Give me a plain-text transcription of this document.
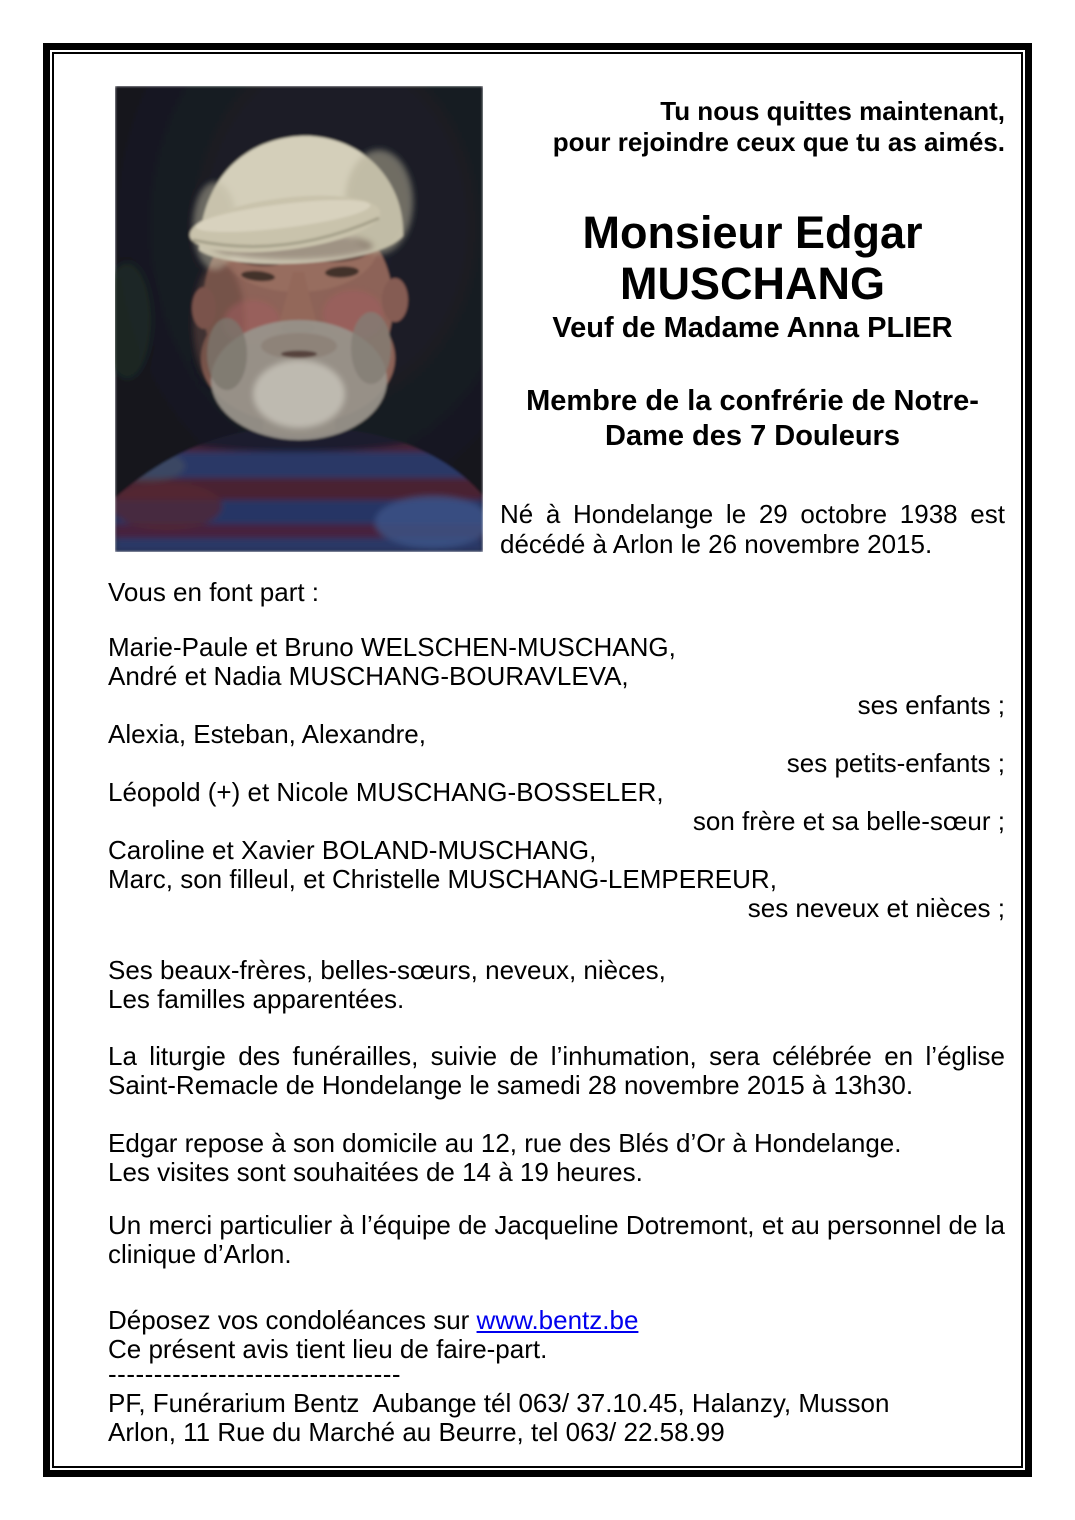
Tu nous quittes maintenant,
pour rejoindre ceux que tu as aimés.
Monsieur Edgar
MUSCHANG
Veuf de Madame Anna PLIER
Membre de la confrérie de Notre-
Dame des 7 Douleurs
Né à Hondelange le 29 octobre 1938 est décédé à Arlon le 26 novembre 2015.
Vous en font part :
Marie-Paule et Bruno WELSCHEN-MUSCHANG,
André et Nadia MUSCHANG-BOURAVLEVA,
ses enfants ;
Alexia, Esteban, Alexandre,
ses petits-enfants ;
Léopold (+) et Nicole MUSCHANG-BOSSELER,
son frère et sa belle-sœur ;
Caroline et Xavier BOLAND-MUSCHANG,
Marc, son filleul, et Christelle MUSCHANG-LEMPEREUR,
ses neveux et nièces ;
Ses beaux-frères, belles-sœurs, neveux, nièces,
Les familles apparentées.
La liturgie des funérailles, suivie de l’inhumation, sera célébrée en l’église Saint-Remacle de Hondelange le samedi 28 novembre 2015 à 13h30.
Edgar repose à son domicile au 12, rue des Blés d’Or à Hondelange.
Les visites sont souhaitées de 14 à 19 heures.
Un merci particulier à l’équipe de Jacqueline Dotremont, et au personnel de la clinique d’Arlon.
Déposez vos condoléances sur www.bentz.be
Ce présent avis tient lieu de faire-part.
--------------------------------
PF, Funérarium Bentz  Aubange tél 063/ 37.10.45, Halanzy, Musson
Arlon, 11 Rue du Marché au Beurre, tel 063/ 22.58.99
